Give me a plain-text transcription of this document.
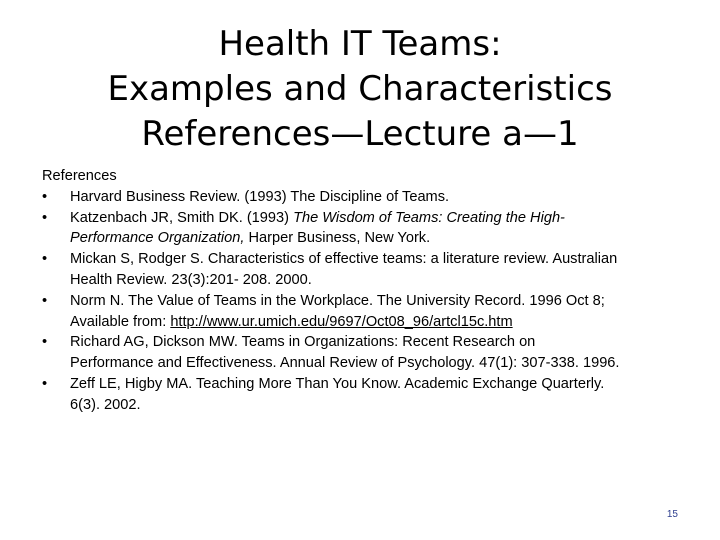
Health IT Teams:
Examples and Characteristics
References—Lecture a—1

References

•	Harvard Business Review. (1993) The Discipline of Teams.
•	Katzenbach JR, Smith DK. (1993) The Wisdom of Teams: Creating the High-
Performance Organization, Harper Business, New York.
•	Mickan S, Rodger S. Characteristics of effective teams: a literature review. Australian
Health Review. 23(3):201- 208. 2000.
•	Norm N. The Value of Teams in the Workplace. The University Record. 1996 Oct 8;
Available from: http://www.ur.umich.edu/9697/Oct08_96/artcl15c.htm
•	Richard AG, Dickson MW. Teams in Organizations: Recent Research on
Performance and Effectiveness. Annual Review of Psychology. 47(1): 307-338. 1996.
•	Zeff LE, Higby MA. Teaching More Than You Know. Academic Exchange Quarterly.
6(3). 2002.
15
